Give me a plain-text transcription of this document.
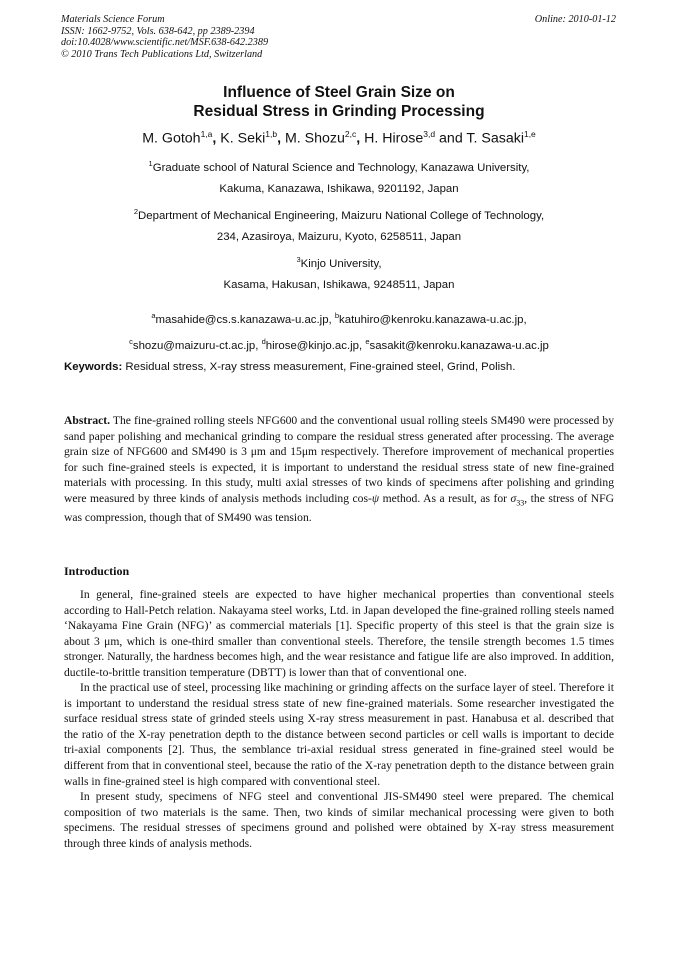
Materials Science Forum
ISSN: 1662-9752, Vols. 638-642, pp 2389-2394
doi:10.4028/www.scientific.net/MSF.638-642.2389
© 2010 Trans Tech Publications Ltd, Switzerland
Online: 2010-01-12
Influence of Steel Grain Size on
Residual Stress in Grinding Processing
M. Gotoh$^{1,a}$, K. Seki$^{1,b}$, M. Shozu$^{2,c}$, H. Hirose$^{3,d}$ and T. Sasaki$^{1,e}$
$^1$Graduate school of Natural Science and Technology, Kanazawa University,
Kakuma, Kanazawa, Ishikawa, 9201192, Japan
$^2$Department of Mechanical Engineering, Maizuru National College of Technology,
234, Azasiroya, Maizuru, Kyoto, 6258511, Japan
$^3$Kinjo University,
Kasama, Hakusan, Ishikawa, 9248511, Japan
$^a$masahide@cs.s.kanazawa-u.ac.jp, $^b$katuhiro@kenroku.kanazawa-u.ac.jp,
$^c$shozu@maizuru-ct.ac.jp, $^d$hirose@kinjo.ac.jp, $^e$sasakit@kenroku.kanazawa-u.ac.jp
Keywords: Residual stress, X-ray stress measurement, Fine-grained steel, Grind, Polish.
Abstract. The fine-grained rolling steels NFG600 and the conventional usual rolling steels SM490 were processed by sand paper polishing and mechanical grinding to compare the residual stress generated after processing. The average grain size of NFG600 and SM490 is 3 μm and 15μm respectively. Therefore improvement of mechanical properties for such fine-grained steels is expected, it is important to understand the residual stress state of new fine-grained materials with processing. In this study, multi axial stresses of two kinds of specimens after polishing and grinding were measured by three kinds of analysis methods including cos-ψ method. As a result, as for $\sigma_{33}$, the stress of NFG was compression, though that of SM490 was tension.
Introduction

In general, fine-grained steels are expected to have higher mechanical properties than conventional steels according to Hall-Petch relation. Nakayama steel works, Ltd. in Japan developed the fine-grained rolling steels named ‘Nakayama Fine Grain (NFG)’ as commercial materials [1]. Specific property of this steel is that the grain size is about 3 μm, which is one-third smaller than conventional steels. Therefore, the tensile strength becomes 1.5 times stronger. Naturally, the hardness becomes high, and the wear resistance and fatigue life are also improved. In addition, ductile-to-brittle transition temperature (DBTT) is lower than that of conventional one.

In the practical use of steel, processing like machining or grinding affects on the surface layer of steel. Therefore it is important to understand the residual stress state of new fine-grained materials. Some researcher investigated the surface residual stress state of grinded steels using X-ray stress measurement in past. Hanabusa et al. described that the ratio of the X-ray penetration depth to the distance between second particles or cell walls is important to decide tri-axial components [2]. Thus, the semblance tri-axial residual stress generated in fine-grained steel would be different from that in conventional steel, because the ratio of the X-ray penetration depth to the distance between grain walls in fine-grained steel is high compared with conventional steel.

In present study, specimens of NFG steel and conventional JIS-SM490 steel were prepared. The chemical composition of two materials is the same. Then, two kinds of similar mechanical processing were given to both specimens. The residual stresses of specimens ground and polished were obtained by X-ray stress measurement through three kinds of analysis methods.
